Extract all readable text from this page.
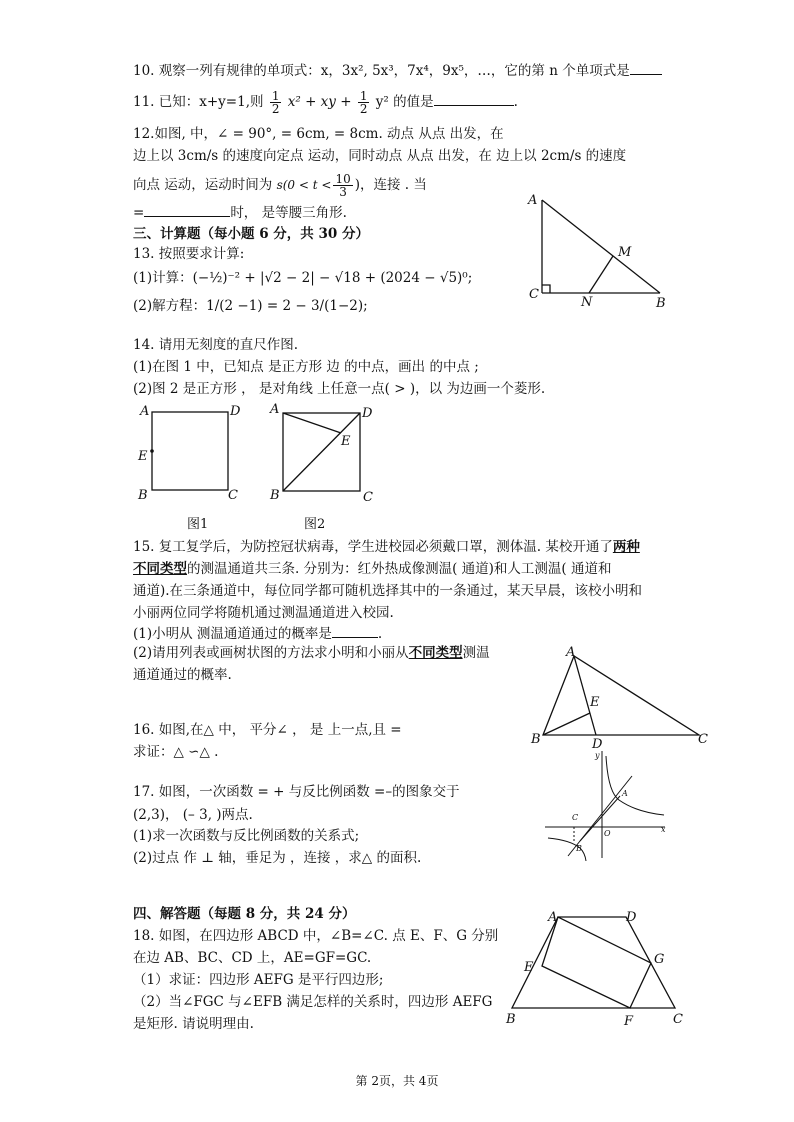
10. 观察一列有规律的单项式：x，3x², 5x³，7x⁴，9x⁵，…，它的第 n 个单项式是
11. 已知：x+y=1,则 $\frac{1}{2} x^2$ + xy + $\frac{1}{2} y^2$ 的值是	.
12.如图, 中，∠ = 90°, = 6cm, = 8cm. 动点 从点 出发，在
边上以 3cm/s 的速度向定点 运动，同时动点 从点 出发，在 边上以 2cm/s 的速度
向点 运动，运动时间为 $s(0 < t < \frac{10}{3}$ )，连接 . 当
=	时， 是等腰三角形.
三、计算题（每小题 6 分，共 30 分）
13. 按照要求计算:
(1)计算：(−½)⁻² + |√2 − 2| − √18 + (2024 − √5)⁰;
(2)解方程：1/(2 −1) = 2 − 3/(1−2);
14. 请用无刻度的直尺作图.
(1)在图 1 中，已知点 是正方形 边 的中点，画出 的中点 ;
(2)图 2 是正方形 ， 是对角线 上任意一点( > )，以 为边画一个菱形.
15. 复工复学后，为防控冠状病毒，学生进校园必须戴口罩，测体温. 某校开通了两种
不同类型的测温通道共三条. 分别为：红外热成像测温( 通道)和人工测温( 通道和
通道).在三条通道中，每位同学都可随机选择其中的一条通过，某天早晨，该校小明和
小丽两位同学将随机通过测温通道进入校园.
(1)小明从 测温通道通过的概率是	.
(2)请用列表或画树状图的方法求小明和小丽从不同类型测温
通道通过的概率.
16. 如图,在△ 中， 平分∠ ， 是 上一点,且 =
求证：△ ∽△ .
17. 如图，一次函数 = + 与反比例函数 =–的图象交于
(2,3)， (– 3, )两点.
(1)求一次函数与反比例函数的关系式;
(2)过点 作 ⊥ 轴，垂足为 ，连接 ，求△ 的面积.
四、解答题（每题 8 分，共 24 分）
18. 如图，在四边形 ABCD 中，∠B=∠C. 点 E、F、G 分别
在边 AB、BC、CD 上，AE=GF=GC.
（1）求证：四边形 AEFG 是平行四边形;
（2）当∠FGC 与∠EFB 满足怎样的关系时，四边形 AEFG
是矩形. 请说明理由.
A
C
N	B
M
A	D
E
B	C
图1
A	D
E
B	C
图2
A
E
B	D	C
y
x
A
C
O
B
A	D
E
G
B	F	C
第 2页，共 4页
